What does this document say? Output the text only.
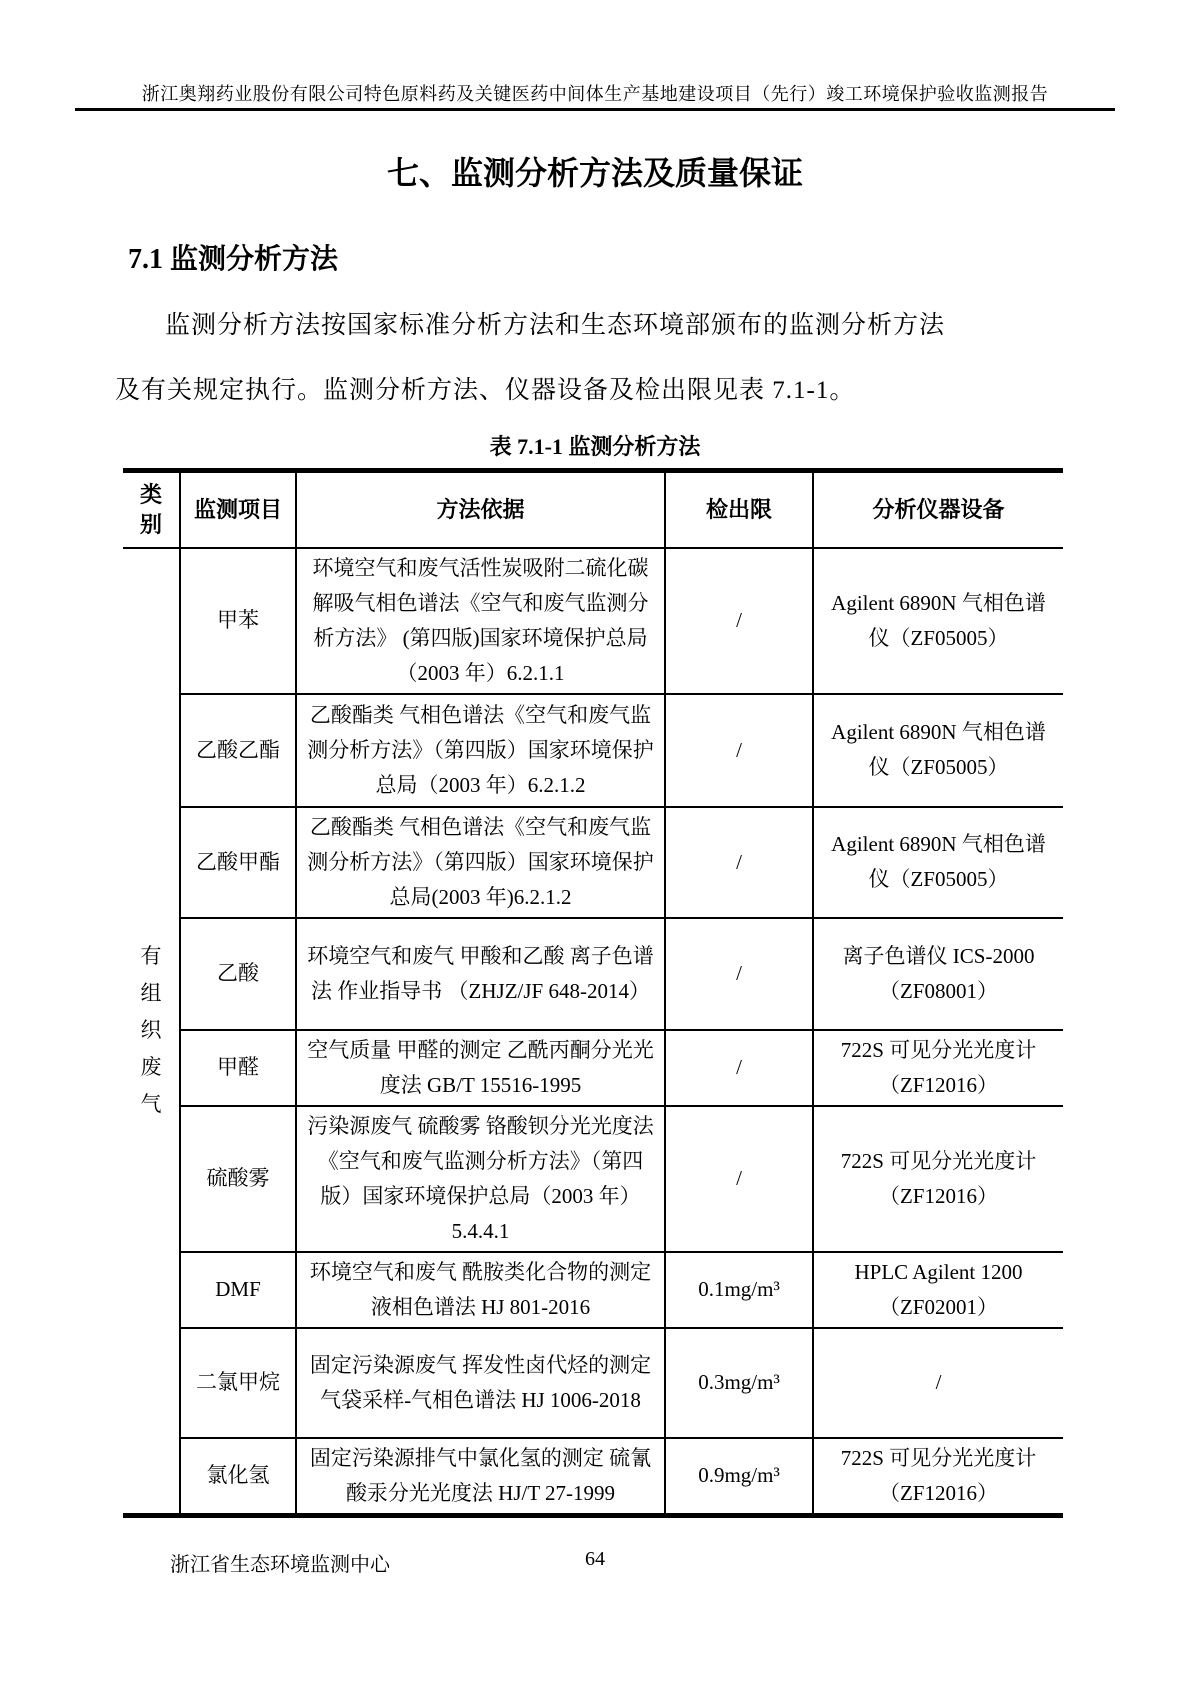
浙江奥翔药业股份有限公司特色原料药及关键医药中间体生产基地建设项目（先行）竣工环境保护验收监测报告
七、监测分析方法及质量保证
7.1 监测分析方法

监测分析方法按国家标准分析方法和生态环境部颁布的监测分析方法

及有关规定执行。监测分析方法、仪器设备及检出限见表 7.1-1。

表 7.1-1 监测分析方法
类别	监测项目	方法依据	检出限	分析仪器设备

有组织废气	甲苯	环境空气和废气活性炭吸附二硫化碳解吸气相色谱法《空气和废气监测分析方法》 (第四版)国家环境保护总局（2003 年）6.2.1.1	/	Agilent 6890N 气相色谱仪（ZF05005）
	乙酸乙酯	乙酸酯类 气相色谱法《空气和废气监测分析方法》（第四版）国家环境保护总局（2003 年）6.2.1.2	/	Agilent 6890N 气相色谱仪（ZF05005）
	乙酸甲酯	乙酸酯类 气相色谱法《空气和废气监测分析方法》（第四版）国家环境保护总局(2003 年)6.2.1.2	/	Agilent 6890N 气相色谱仪（ZF05005）
	乙酸	环境空气和废气 甲酸和乙酸 离子色谱法 作业指导书 （ZHJZ/JF 648-2014）	/	离子色谱仪 ICS-2000（ZF08001）
	甲醛	空气质量 甲醛的测定 乙酰丙酮分光光度法 GB/T 15516-1995	/	722S 可见分光光度计（ZF12016）
	硫酸雾	污染源废气 硫酸雾 铬酸钡分光光度法《空气和废气监测分析方法》（第四版）国家环境保护总局（2003 年）5.4.4.1	/	722S 可见分光光度计（ZF12016）
	DMF	环境空气和废气 酰胺类化合物的测定 液相色谱法 HJ 801-2016	0.1mg/m³	HPLC Agilent 1200（ZF02001）
	二氯甲烷	固定污染源废气 挥发性卤代烃的测定 气袋采样-气相色谱法 HJ 1006-2018	0.3mg/m³	/
	氯化氢	固定污染源排气中氯化氢的测定 硫氰酸汞分光光度法 HJ/T 27-1999	0.9mg/m³	722S 可见分光光度计（ZF12016）
浙江省生态环境监测中心	64
